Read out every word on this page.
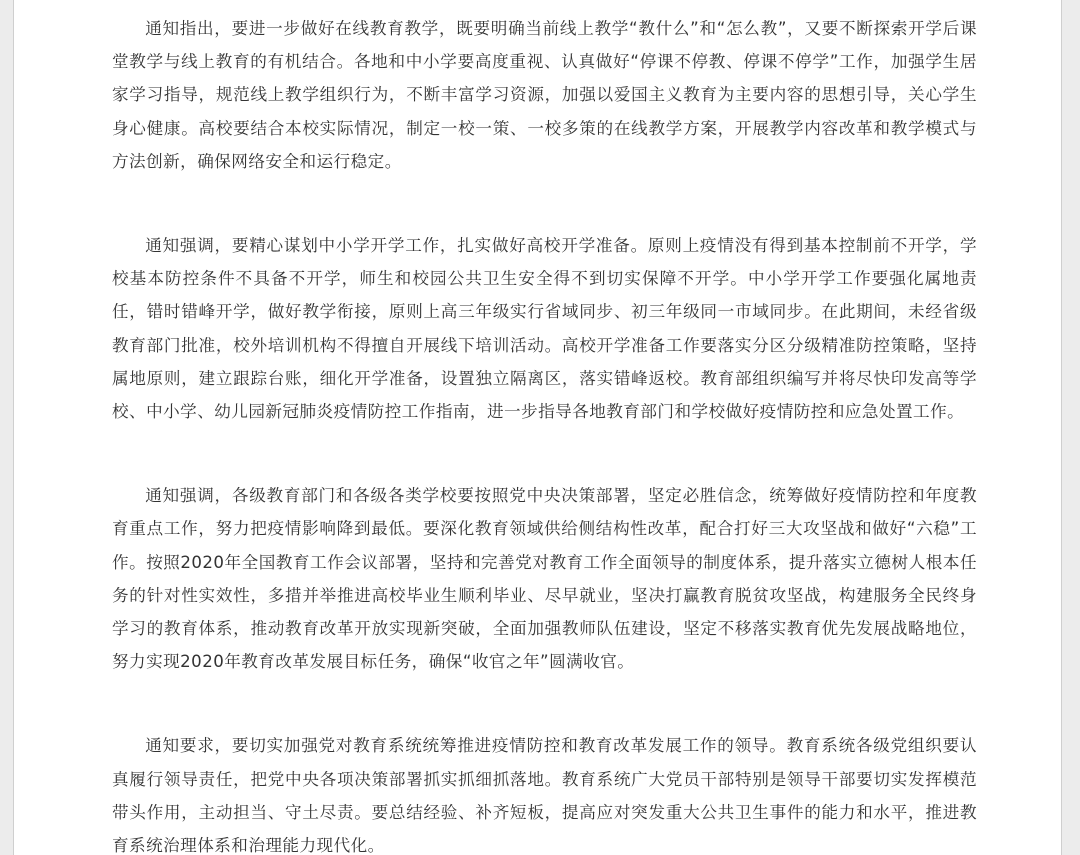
通知指出，要进一步做好在线教育教学，既要明确当前线上教学“教什么”和“怎么教”，又要不断探索开学后课堂教学与线上教育的有机结合。各地和中小学要高度重视、认真做好“停课不停教、停课不停学”工作，加强学生居家学习指导，规范线上教学组织行为，不断丰富学习资源，加强以爱国主义教育为主要内容的思想引导，关心学生身心健康。高校要结合本校实际情况，制定一校一策、一校多策的在线教学方案，开展教学内容改革和教学模式与方法创新，确保网络安全和运行稳定。

通知强调，要精心谋划中小学开学工作，扎实做好高校开学准备。原则上疫情没有得到基本控制前不开学，学校基本防控条件不具备不开学，师生和校园公共卫生安全得不到切实保障不开学。中小学开学工作要强化属地责任，错时错峰开学，做好教学衔接，原则上高三年级实行省域同步、初三年级同一市域同步。在此期间，未经省级教育部门批准，校外培训机构不得擅自开展线下培训活动。高校开学准备工作要落实分区分级精准防控策略，坚持属地原则，建立跟踪台账，细化开学准备，设置独立隔离区，落实错峰返校。教育部组织编写并将尽快印发高等学校、中小学、幼儿园新冠肺炎疫情防控工作指南，进一步指导各地教育部门和学校做好疫情防控和应急处置工作。

通知强调，各级教育部门和各级各类学校要按照党中央决策部署，坚定必胜信念，统筹做好疫情防控和年度教育重点工作，努力把疫情影响降到最低。要深化教育领域供给侧结构性改革，配合打好三大攻坚战和做好“六稳”工作。按照2020年全国教育工作会议部署，坚持和完善党对教育工作全面领导的制度体系，提升落实立德树人根本任务的针对性实效性，多措并举推进高校毕业生顺利毕业、尽早就业，坚决打赢教育脱贫攻坚战，构建服务全民终身学习的教育体系，推动教育改革开放实现新突破，全面加强教师队伍建设，坚定不移落实教育优先发展战略地位，努力实现2020年教育改革发展目标任务，确保“收官之年”圆满收官。

通知要求，要切实加强党对教育系统统筹推进疫情防控和教育改革发展工作的领导。教育系统各级党组织要认真履行领导责任，把党中央各项决策部署抓实抓细抓落地。教育系统广大党员干部特别是领导干部要切实发挥模范带头作用，主动担当、守土尽责。要总结经验、补齐短板，提高应对突发重大公共卫生事件的能力和水平，推进教育系统治理体系和治理能力现代化。
